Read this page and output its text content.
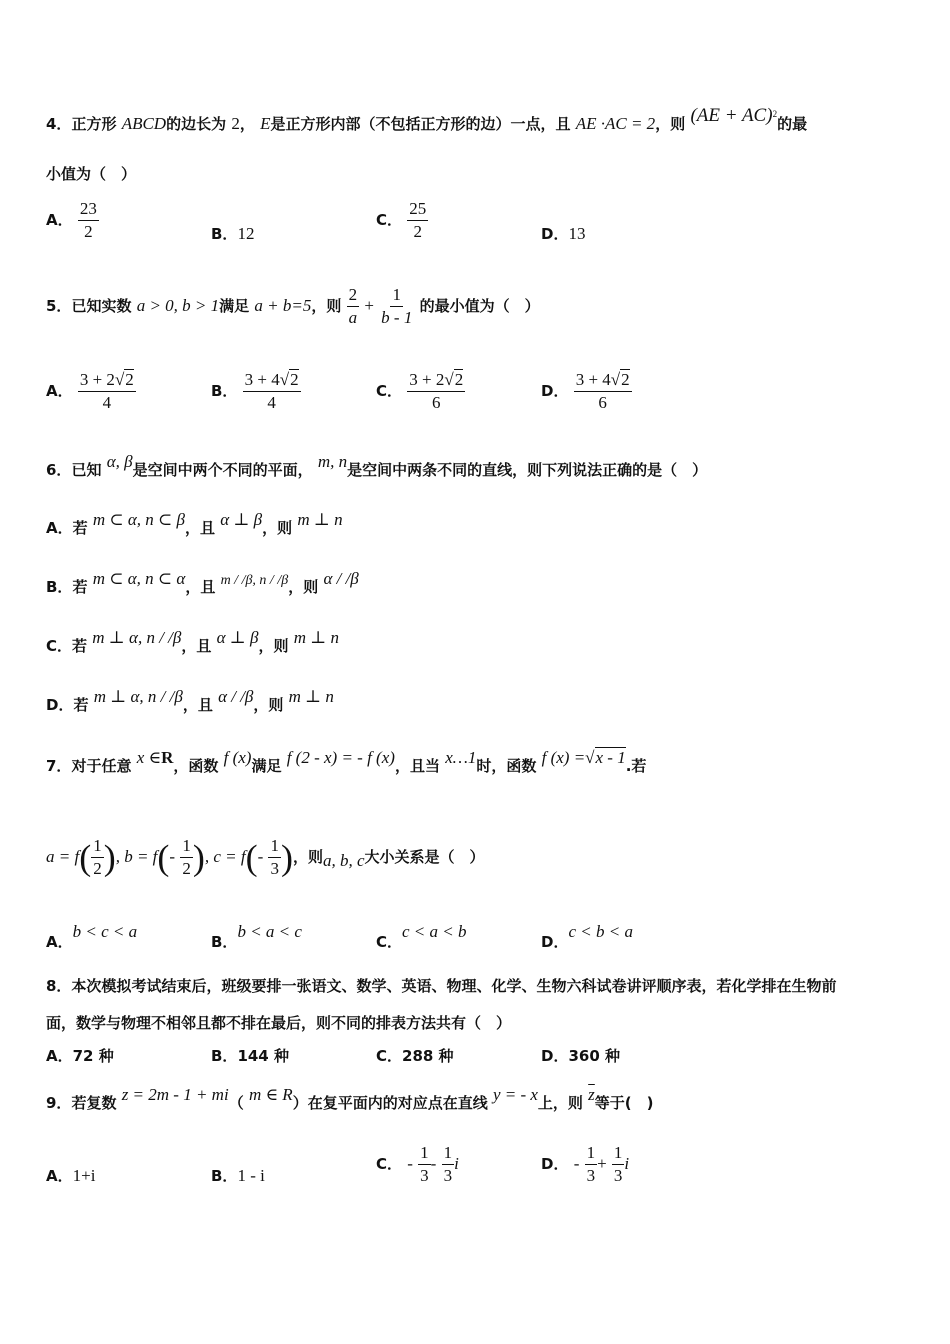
4．正方形 ABCD的边长为 2， E是正方形内部（不包括正方形的边）一点，且 AE ·AC = 2，则 (AE + AC)$^2$的最
小值为（　）
A． $\frac{23}{2}$	B．12
C． $\frac{25}{2}$	D．13
5．已知实数 a > 0, b > 1满足 a + b=5，则 $\frac{2}{a} + \frac{1}{b - 1}$ 的最小值为（　）
A． $\frac{3 + 2√2}{4}$	B． $\frac{3 + 4√2}{4}$	C． $\frac{3 + 2√2}{6}$	D． $\frac{3 + 4√2}{6}$
6．已知 α, β是空间中两个不同的平面， m, n是空间中两条不同的直线，则下列说法正确的是（　）
A．若 m ⊂ α, n ⊂ β，且 α ⊥ β，则 m ⊥ n
B．若 m ⊂ α, n ⊂ α，且 m / /β, n / /β，则 α / /β
C．若 m ⊥ α, n / /β，且 α ⊥ β，则 m ⊥ n
D．若 m ⊥ α, n / /β，且 α / /β，则 m ⊥ n
7．对于任意 x ∈R，函数 f (x)满足 f (2 - x) = - f (x)，且当 x…1时，函数 f (x) =√x - 1.若
$a = f( \frac{1}{2}$ ), $b = f(- \frac{1}{2}$ ), $c = f(- \frac{1}{3}$ )，则a, b, c大小关系是（　）
A．b < c < a
B．b < a < c
C．c < a < b
D．c < b < a
8．本次模拟考试结束后，班级要排一张语文、数学、英语、物理、化学、生物六科试卷讲评顺序表，若化学排在生物前
面，数学与物理不相邻且都不排在最后，则不同的排表方法共有（　）
A．72 种	B．144 种	C．288 种	D．360 种
9．若复数 z = 2m - 1 + mi（ m ∈ R）在复平面内的对应点在直线 y = - x上，则 $\overline{z}$等于(　)
A．1+i	B．1 - i
C． - $\frac{1}{3} - \frac{1}{3}$ i	D． - $\frac{1}{3} + \frac{1}{3}$ i
